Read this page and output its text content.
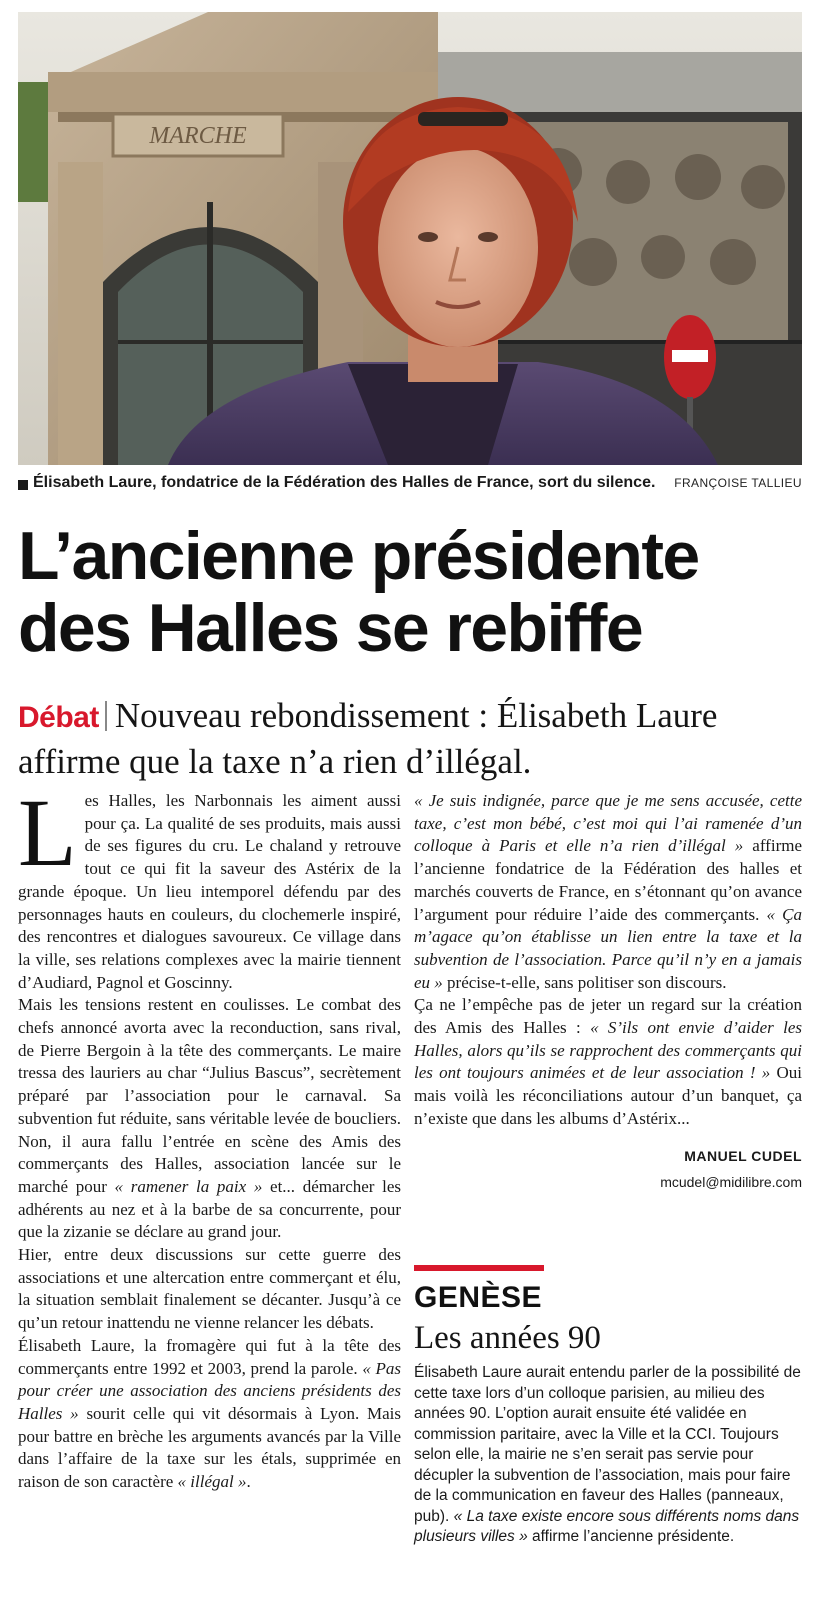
MARCHE
Élisabeth Laure, fondatrice de la Fédération des Halles de France, sort du silence. FRANÇOISE TALLIEU
L’ancienne présidente
des Halles se rebiffe
Débat Nouveau rebondissement : Élisabeth Laure affirme que la taxe n’a rien d’illégal.

Les Halles, les Narbonnais les aiment aussi pour ça. La qualité de ses produits, mais aussi de ses figures du cru. Le chaland y retrouve tout ce qui fit la saveur des Astérix de la grande époque. Un lieu intemporel défendu par des personnages hauts en couleurs, du clochemerle inspiré, des rencontres et dialogues savoureux. Ce village dans la ville, ses relations complexes avec la mairie tiennent d’Audiard, Pagnol et Goscinny.

Mais les tensions restent en coulisses. Le combat des chefs annoncé avorta avec la reconduction, sans rival, de Pierre Bergoin à la tête des commerçants. Le maire tressa des lauriers au char “Julius Bascus”, secrètement préparé par l’association pour le carnaval. Sa subvention fut réduite, sans véritable levée de boucliers. Non, il aura fallu l’entrée en scène des Amis des commerçants des Halles, association lancée sur le marché pour « ramener la paix » et... démarcher les adhérents au nez et à la barbe de sa concurrente, pour que la zizanie se déclare au grand jour.

Hier, entre deux discussions sur cette guerre des associations et une altercation entre commerçant et élu, la situation semblait finalement se décanter. Jusqu’à ce qu’un retour inattendu ne vienne relancer les débats.

Élisabeth Laure, la fromagère qui fut à la tête des commerçants entre 1992 et 2003, prend la parole. « Pas pour créer une association des anciens présidents des Halles » sourit celle qui vit désormais à Lyon. Mais pour battre en brèche les arguments avancés par la Ville dans l’affaire de la taxe sur les étals, supprimée en raison de son caractère « illégal ».

« Je suis indignée, parce que je me sens accusée, cette taxe, c’est mon bébé, c’est moi qui l’ai ramenée d’un colloque à Paris et elle n’a rien d’illégal » affirme l’ancienne fondatrice de la Fédération des halles et marchés couverts de France, en s’étonnant qu’on avance l’argument pour réduire l’aide des commerçants. « Ça m’agace qu’on établisse un lien entre la taxe et la subvention de l’association. Parce qu’il n’y en a jamais eu » précise-t-elle, sans politiser son discours.

Ça ne l’empêche pas de jeter un regard sur la création des Amis des Halles : « S’ils ont envie d’aider les Halles, alors qu’ils se rapprochent des commerçants qui les ont toujours animées et de leur association ! » Oui mais voilà les réconciliations autour d’un banquet, ça n’existe que dans les albums d’Astérix...

MANUEL CUDEL
mcudel@midilibre.com
GENÈSE
Les années 90
Élisabeth Laure aurait entendu parler de la possibilité de cette taxe lors d’un colloque parisien, au milieu des années 90. L’option aurait ensuite été validée en commission paritaire, avec la Ville et la CCI. Toujours selon elle, la mairie ne s’en serait pas servie pour décupler la subvention de l’association, mais pour faire de la communication en faveur des Halles (panneaux, pub). « La taxe existe encore sous différents noms dans plusieurs villes » affirme l’ancienne présidente.
